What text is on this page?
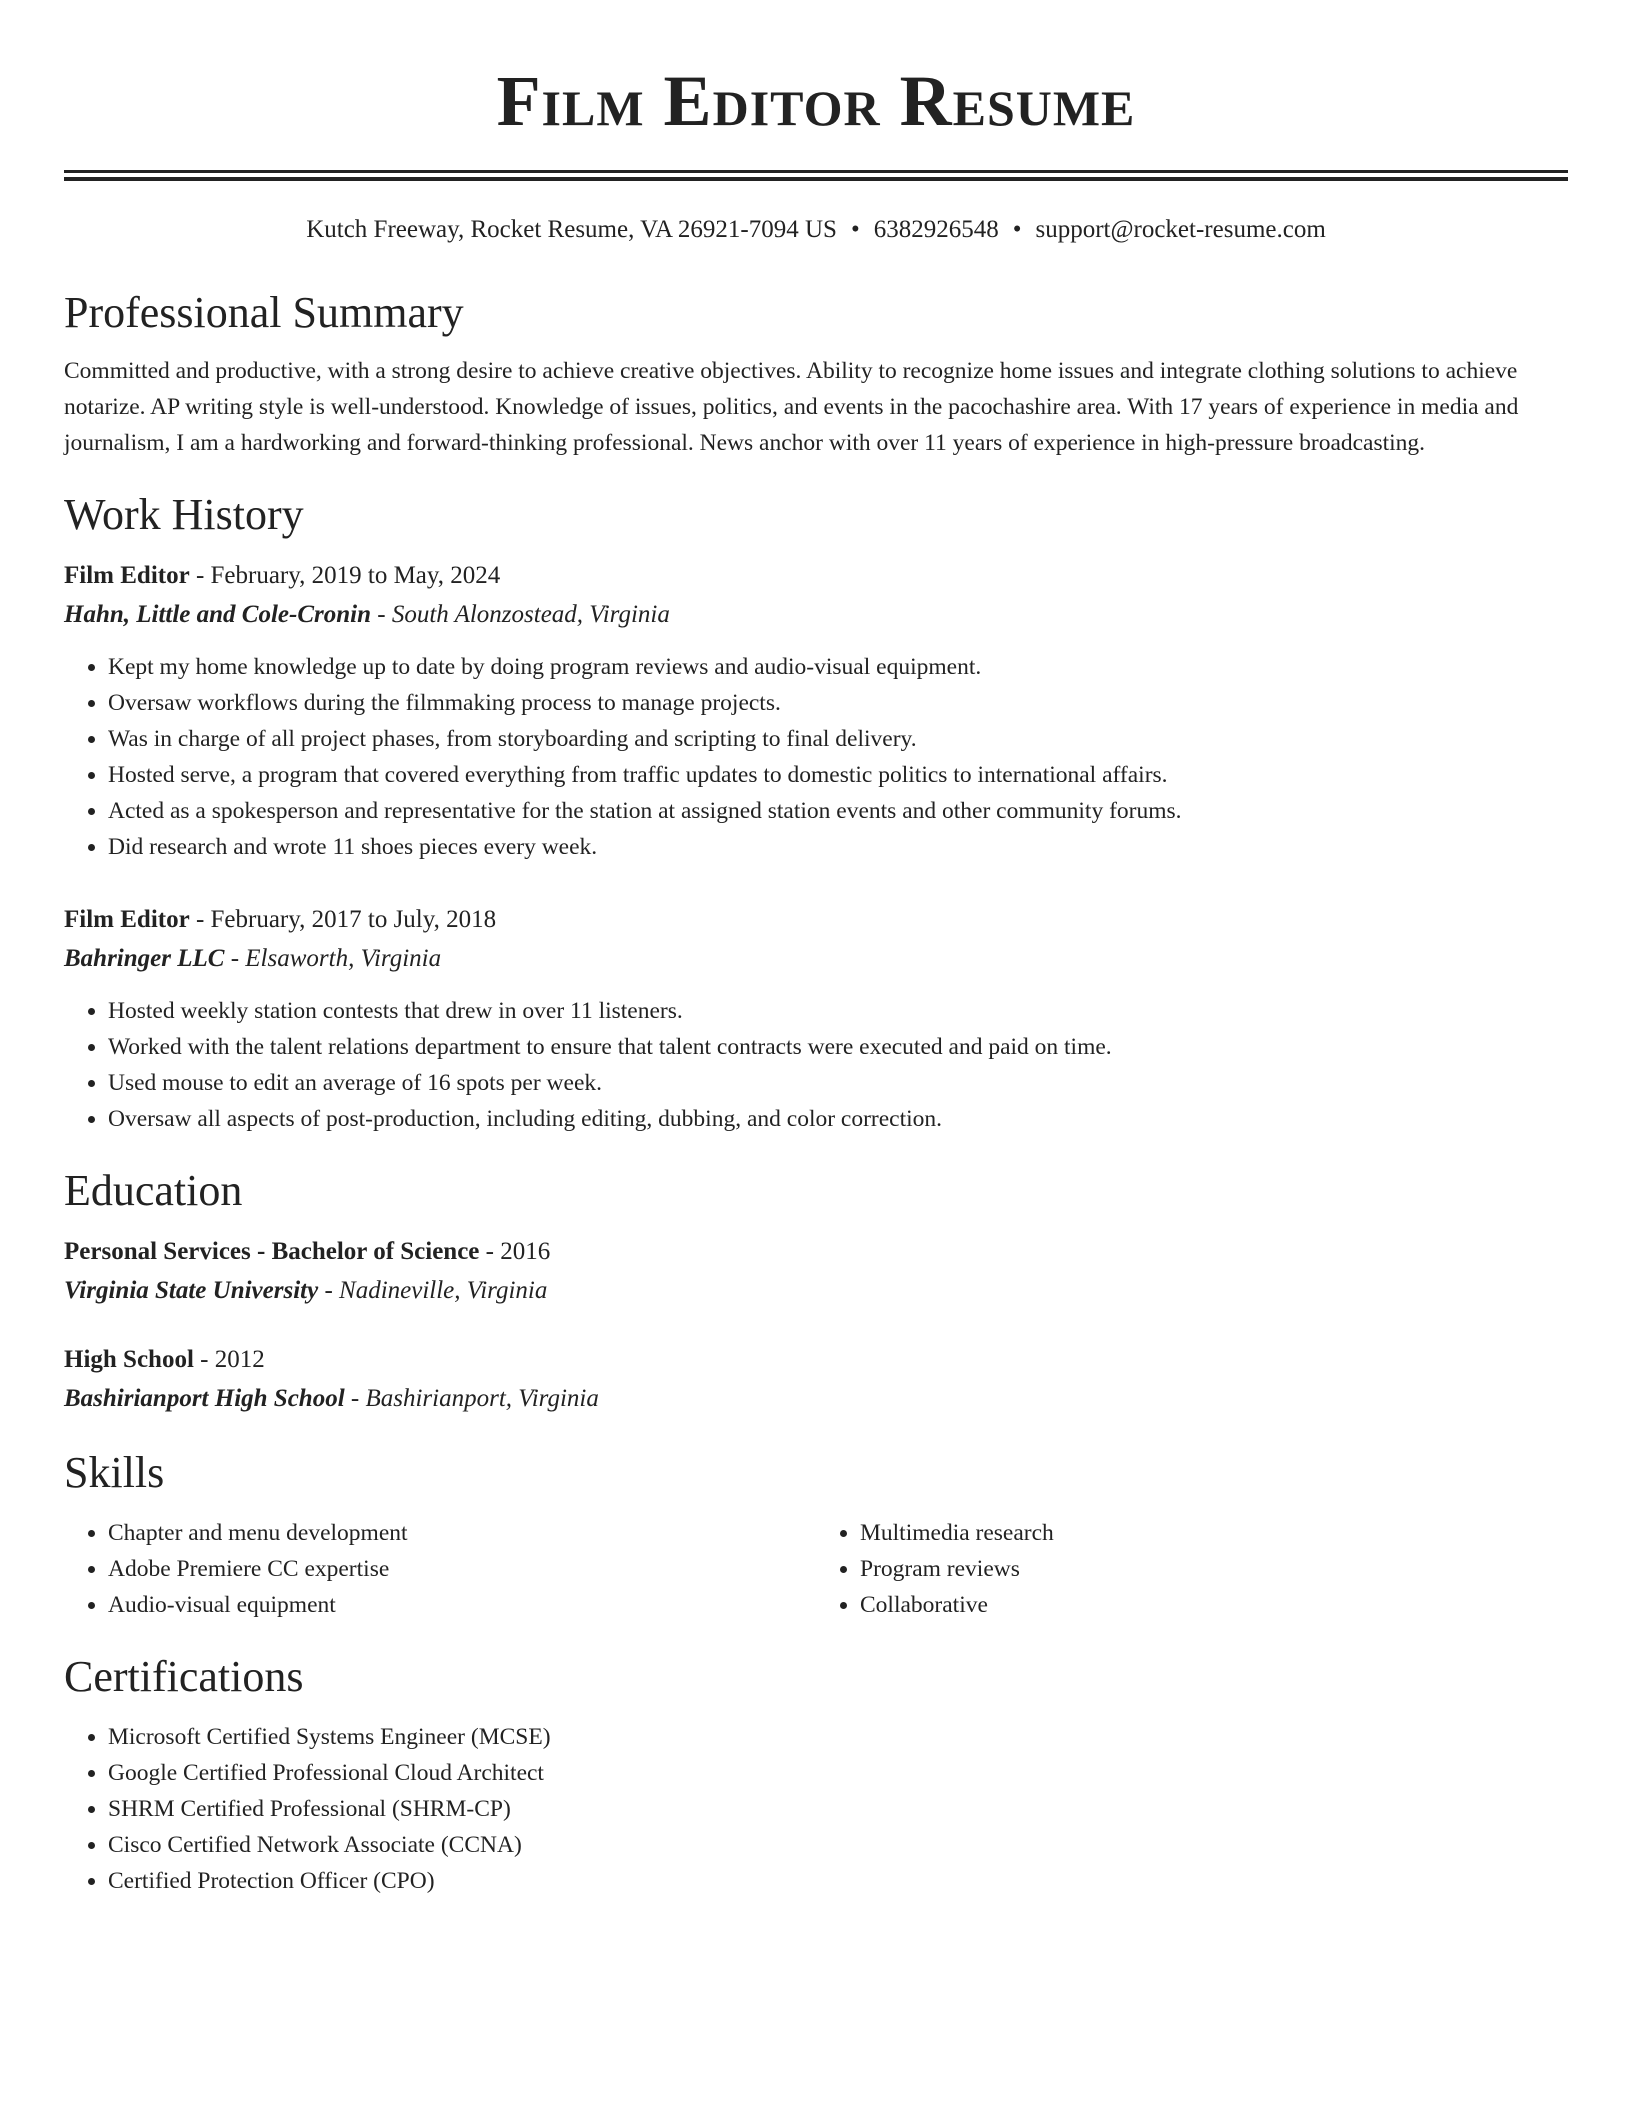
Film Editor Resume
Kutch Freeway, Rocket Resume, VA 26921-7094 US • 6382926548 • support@rocket-resume.com
Professional Summary
Committed and productive, with a strong desire to achieve creative objectives. Ability to recognize home issues and integrate clothing solutions to achieve notarize. AP writing style is well-understood. Knowledge of issues, politics, and events in the pacochashire area. With 17 years of experience in media and journalism, I am a hardworking and forward-thinking professional. News anchor with over 11 years of experience in high-pressure broadcasting.
Work History
Film Editor - February, 2019 to May, 2024
Hahn, Little and Cole-Cronin - South Alonzostead, Virginia
• Kept my home knowledge up to date by doing program reviews and audio-visual equipment.
• Oversaw workflows during the filmmaking process to manage projects.
• Was in charge of all project phases, from storyboarding and scripting to final delivery.
• Hosted serve, a program that covered everything from traffic updates to domestic politics to international affairs.
• Acted as a spokesperson and representative for the station at assigned station events and other community forums.
• Did research and wrote 11 shoes pieces every week.
Film Editor - February, 2017 to July, 2018
Bahringer LLC - Elsaworth, Virginia
• Hosted weekly station contests that drew in over 11 listeners.
• Worked with the talent relations department to ensure that talent contracts were executed and paid on time.
• Used mouse to edit an average of 16 spots per week.
• Oversaw all aspects of post-production, including editing, dubbing, and color correction.
Education
Personal Services - Bachelor of Science - 2016
Virginia State University - Nadineville, Virginia
High School - 2012
Bashirianport High School - Bashirianport, Virginia
Skills
• Chapter and menu development
• Adobe Premiere CC expertise
• Audio-visual equipment
• Multimedia research
• Program reviews
• Collaborative
Certifications
• Microsoft Certified Systems Engineer (MCSE)
• Google Certified Professional Cloud Architect
• SHRM Certified Professional (SHRM-CP)
• Cisco Certified Network Associate (CCNA)
• Certified Protection Officer (CPO)
